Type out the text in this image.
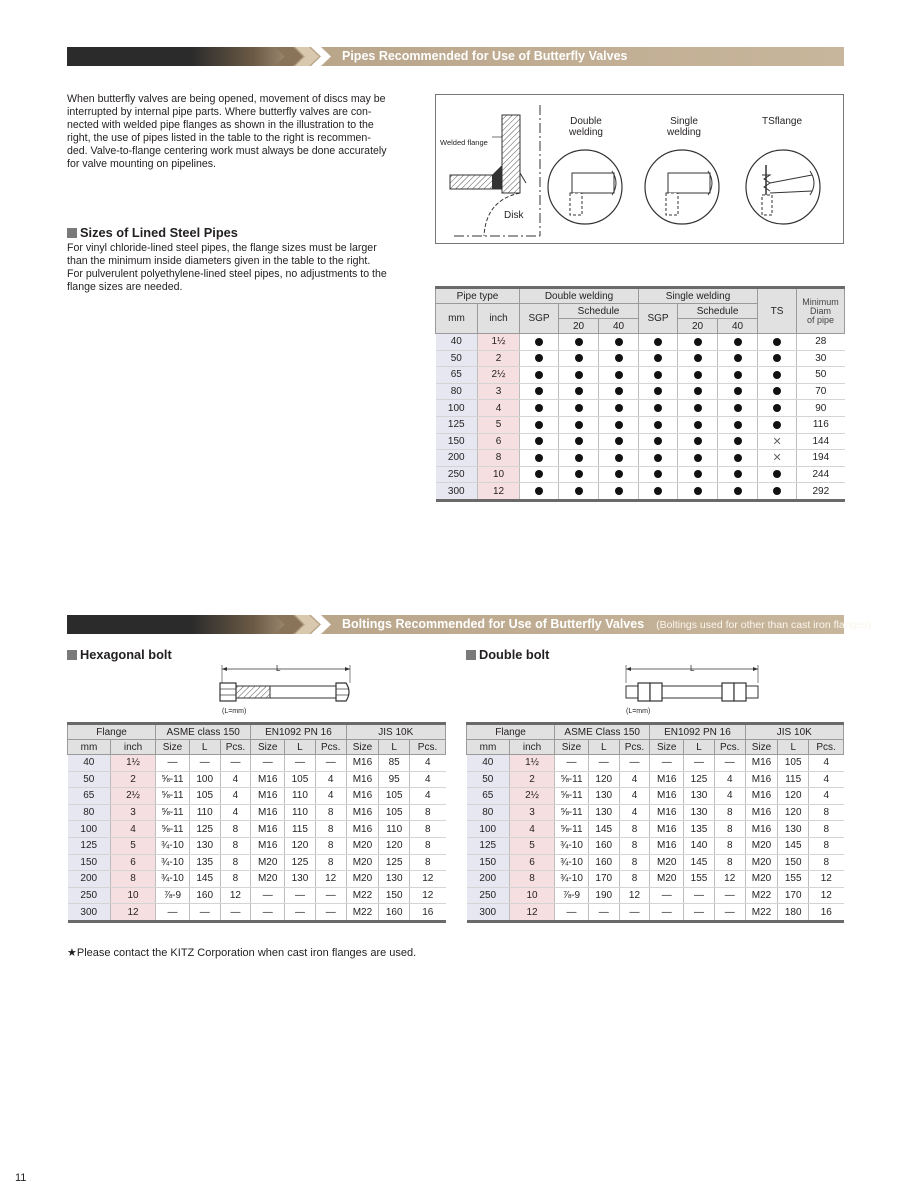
Pipes Recommended for Use of Butterfly Valves
When butterfly valves are being opened, movement of discs may be
interrupted by internal pipe parts. Where butterfly valves are con-
nected with welded pipe flanges as shown in the illustration to the
right, the use of pipes listed in the table to the right is recommen-
ded. Valve-to-flange centering work must always be done accurately
for valve mounting on pipelines.
Sizes of Lined Steel Pipes
For vinyl chloride-lined steel pipes, the flange sizes must be larger
than the minimum inside diameters given in the table to the right.
For pulverulent polyethylene-lined steel pipes, no adjustments to the
flange sizes are needed.
Welded flange
Disk
Double
welding
Single
welding
TSflange
Pipe type		Double welding			Single welding			TS	Minimum
Diam
of pipe

mm	inch	SGP	Schedule		SGP	Schedule			
			20	40		20	40		
40	1½								28
50	2								30
65	2½								50
80	3								70
100	4								90
125	5								116
150	6							✕	144
200	8							✕	194
250	10								244
300	12								292
Boltings Recommended for Use of Butterfly Valves (Boltings used for other than cast iron flanges)
Hexagonal bolt
L
(L=mm)
Double bolt
L
(L=mm)
Flange		ASME class 150			EN1092 PN 16			JIS 10K		
mm	inch	Size	L	Pcs.	Size	L	Pcs.	Size	L	Pcs.
40	1½	—	—	—	—	—	—	M16	85	4
50	2	⅝-11	100	4	M16	105	4	M16	95	4
65	2½	⅝-11	105	4	M16	110	4	M16	105	4
80	3	⅝-11	110	4	M16	110	8	M16	105	8
100	4	⅝-11	125	8	M16	115	8	M16	110	8
125	5	¾-10	130	8	M16	120	8	M20	120	8
150	6	¾-10	135	8	M20	125	8	M20	125	8
200	8	¾-10	145	8	M20	130	12	M20	130	12
250	10	⅞-9	160	12	—	—	—	M22	150	12
300	12	—	—	—	—	—	—	M22	160	16
Flange		ASME Class 150			EN1092 PN 16			JIS 10K		
mm	inch	Size	L	Pcs.	Size	L	Pcs.	Size	L	Pcs.
40	1½	—	—	—	—	—	—	M16	105	4
50	2	⅝-11	120	4	M16	125	4	M16	115	4
65	2½	⅝-11	130	4	M16	130	4	M16	120	4
80	3	⅝-11	130	4	M16	130	8	M16	120	8
100	4	⅝-11	145	8	M16	135	8	M16	130	8
125	5	¾-10	160	8	M16	140	8	M20	145	8
150	6	¾-10	160	8	M20	145	8	M20	150	8
200	8	¾-10	170	8	M20	155	12	M20	155	12
250	10	⅞-9	190	12	—	—	—	M22	170	12
300	12	—	—	—	—	—	—	M22	180	16
★Please contact the KITZ Corporation when cast iron flanges are used.
11
